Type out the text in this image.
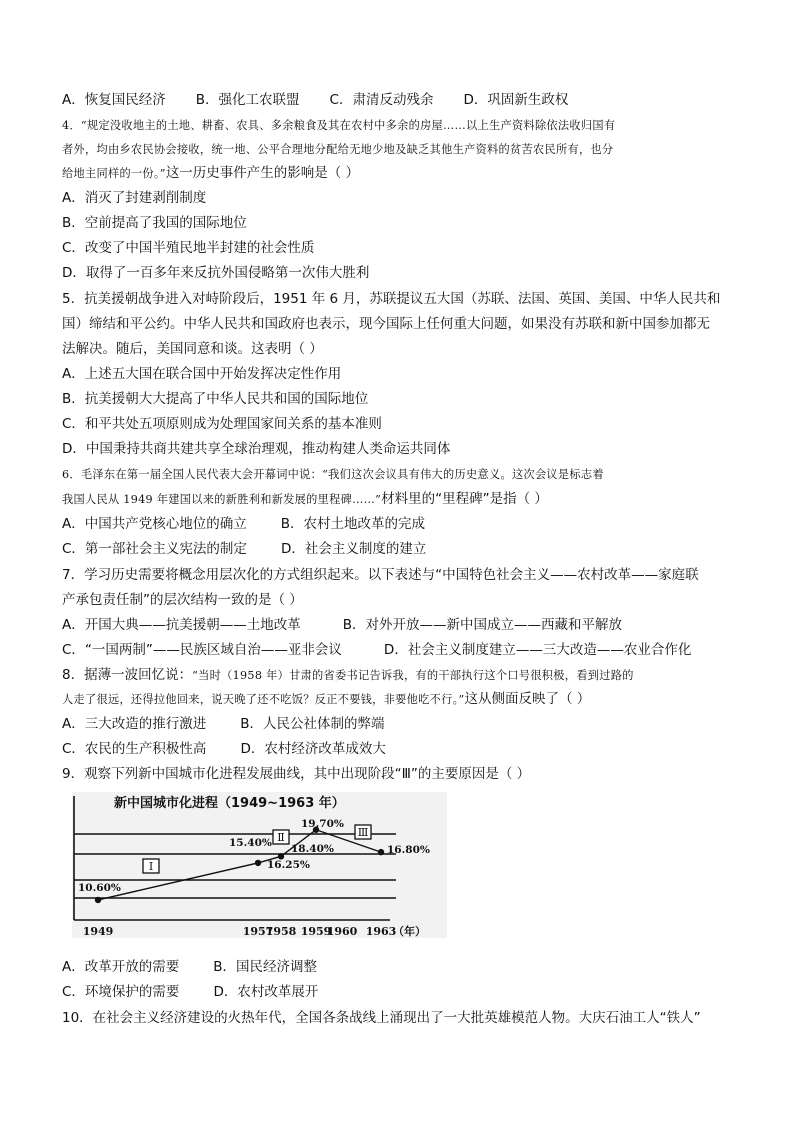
A．恢复国民经济 B．强化工农联盟 C．肃清反动残余 D．巩固新生政权
4．“规定没收地主的土地、耕畜、农具、多余粮食及其在农村中多余的房屋……以上生产资料除依法收归国有
者外，均由乡农民协会接收，统一地、公平合理地分配给无地少地及缺乏其他生产资料的贫苦农民所有，也分
给地主同样的一份。”这一历史事件产生的影响是（ ）
A．消灭了封建剥削制度
B．空前提高了我国的国际地位
C．改变了中国半殖民地半封建的社会性质
D．取得了一百多年来反抗外国侵略第一次伟大胜利
5．抗美援朝战争进入对峙阶段后，1951 年 6 月，苏联提议五大国（苏联、法国、英国、美国、中华人民共和
国）缔结和平公约。中华人民共和国政府也表示，现今国际上任何重大问题，如果没有苏联和新中国参加都无
法解决。随后，美国同意和谈。这表明（ ）
A．上述五大国在联合国中开始发挥决定性作用
B．抗美援朝大大提高了中华人民共和国的国际地位
C．和平共处五项原则成为处理国家间关系的基本准则
D．中国秉持共商共建共享全球治理观，推动构建人类命运共同体
6．毛泽东在第一届全国人民代表大会开幕词中说：“我们这次会议具有伟大的历史意义。这次会议是标志着
我国人民从 1949 年建国以来的新胜利和新发展的里程碑……”材料里的“里程碑”是指（ ）
A．中国共产党核心地位的确立	B．农村土地改革的完成
C．第一部社会主义宪法的制定	D．社会主义制度的建立
7．学习历史需要将概念用层次化的方式组织起来。以下表述与“中国特色社会主义——农村改革——家庭联
产承包责任制”的层次结构一致的是（ ）
A．开国大典——抗美援朝——土地改革	B．对外开放——新中国成立——西藏和平解放
C．“一国两制”——民族区域自治——亚非会议	D．社会主义制度建立——三大改造——农业合作化
8．据薄一波回忆说：“当时（1958 年）甘肃的省委书记告诉我，有的干部执行这个口号很积极，看到过路的
人走了很远，还得拉他回来，说天晚了还不吃饭？反正不要钱，非要他吃不行。”这从侧面反映了（ ）
A．三大改造的推行激进	B．人民公社体制的弊端
C．农民的生产积极性高	D．农村经济改革成效大
9．观察下列新中国城市化进程发展曲线，其中出现阶段“Ⅲ”的主要原因是（ ）
新中国城市化进程（1949~1963 年）
10.60%
15.40%
16.25%
19.70%
16.80%
18.40%
Ⅰ
Ⅱ	Ⅲ
1949	1957
1958 1959
1960 1963
（年）
A．改革开放的需要	B．国民经济调整
C．环境保护的需要	D．农村改革展开
10．在社会主义经济建设的火热年代，全国各条战线上涌现出了一大批英雄模范人物。大庆石油工人“铁人”
